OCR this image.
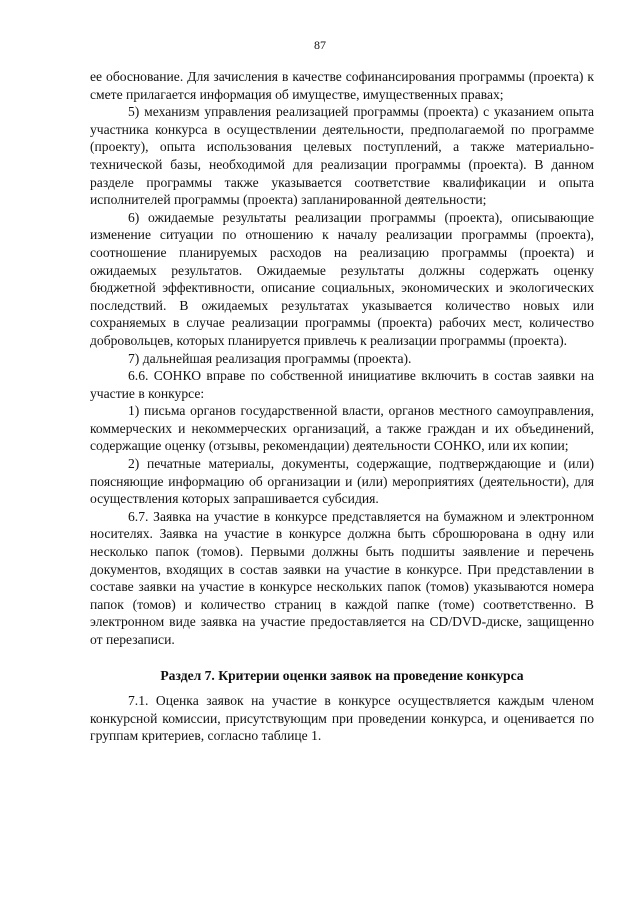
87

ее обоснование. Для зачисления в качестве софинансирования программы (проекта) к смете прилагается информация об имуществе, имущественных правах;

5) механизм управления реализацией программы (проекта) с указанием опыта участника конкурса в осуществлении деятельности, предполагаемой по программе (проекту), опыта использования целевых поступлений, а также материально-технической базы, необходимой для реализации программы (проекта). В данном разделе программы также указывается соответствие квалификации и опыта исполнителей программы (проекта) запланированной деятельности;

6) ожидаемые результаты реализации программы (проекта), описывающие изменение ситуации по отношению к началу реализации программы (проекта), соотношение планируемых расходов на реализацию программы (проекта) и ожидаемых результатов. Ожидаемые результаты должны содержать оценку бюджетной эффективности, описание социальных, экономических и экологических последствий. В ожидаемых результатах указывается количество новых или сохраняемых в случае реализации программы (проекта) рабочих мест, количество добровольцев, которых планируется привлечь к реализации программы (проекта).

7) дальнейшая реализация программы (проекта).

6.6. СОНКО вправе по собственной инициативе включить в состав заявки на участие в конкурсе:

1) письма органов государственной власти, органов местного самоуправления, коммерческих и некоммерческих организаций, а также граждан и их объединений, содержащие оценку (отзывы, рекомендации) деятельности СОНКО, или их копии;

2) печатные материалы, документы, содержащие, подтверждающие и (или) поясняющие информацию об организации и (или) мероприятиях (деятельности), для осуществления которых запрашивается субсидия.

6.7. Заявка на участие в конкурсе представляется на бумажном и электронном носителях. Заявка на участие в конкурсе должна быть сброшюрована в одну или несколько папок (томов). Первыми должны быть подшиты заявление и перечень документов, входящих в состав заявки на участие в конкурсе. При представлении в составе заявки на участие в конкурсе нескольких папок (томов) указываются номера папок (томов) и количество страниц в каждой папке (томе) соответственно. В электронном виде заявка на участие предоставляется на CD/DVD-диске, защищенно от перезаписи.

Раздел 7. Критерии оценки заявок на проведение конкурса

7.1. Оценка заявок на участие в конкурсе осуществляется каждым членом конкурсной комиссии, присутствующим при проведении конкурса, и оценивается по группам критериев, согласно таблице 1.
